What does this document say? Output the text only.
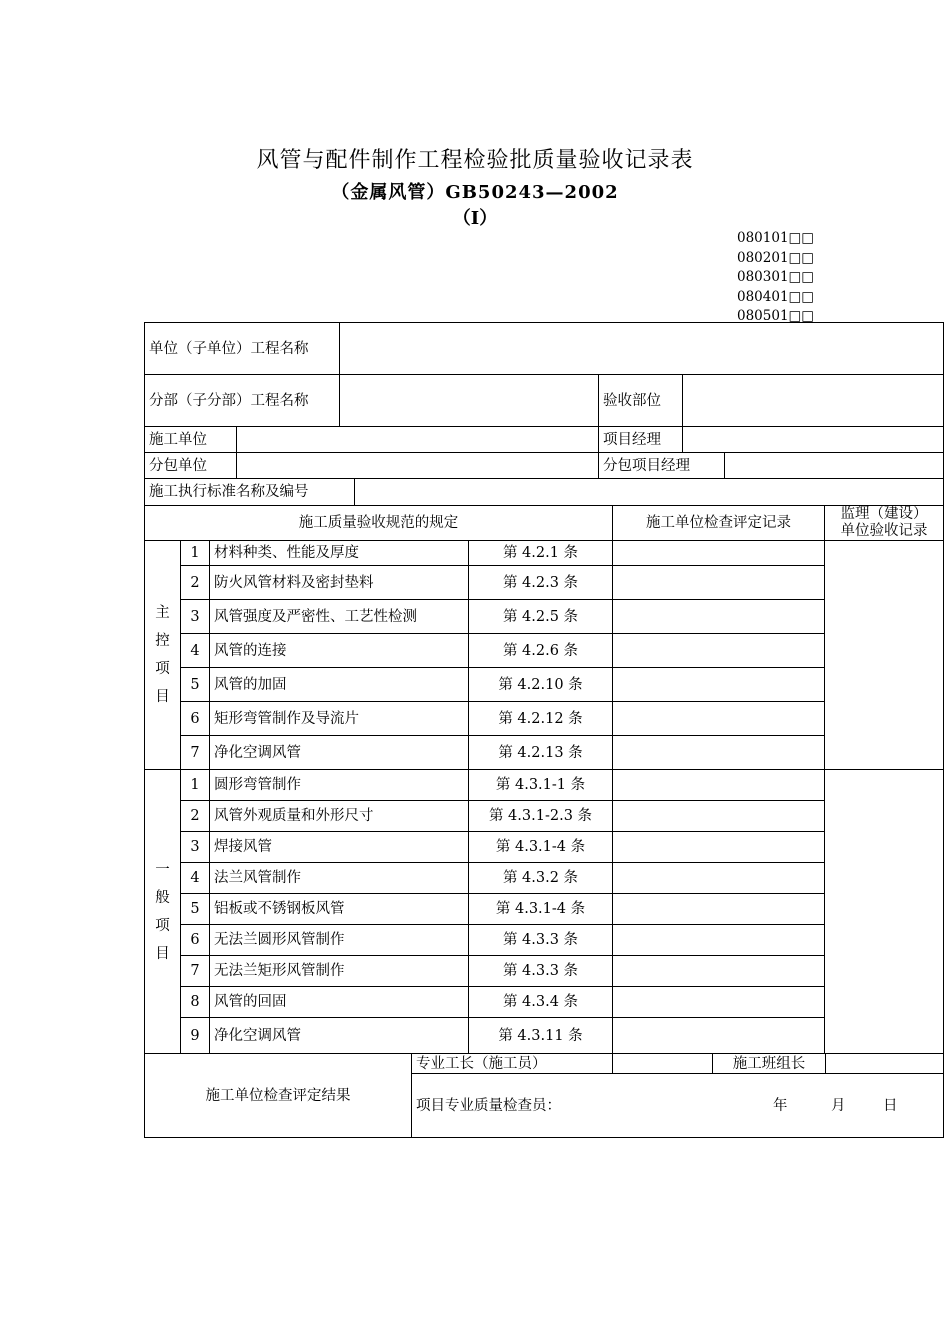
风管与配件制作工程检验批质量验收记录表
（金属风管）GB50243—2002
（Ⅰ）
080101□□
080201□□
080301□□
080401□□
080501□□
单位（子单位）工程名称					
分部（子分部）工程名称			验收部位		
施工单位			项目经理		
分包单位			分包项目经理		
施工执行标准名称及编号	
施工质量验收规范的规定				施工单位检查评定记录	监理（建设）
单位验收记录

主
控
项
目	1	材料种类、性能及厚度	第 4.2.1 条		
	2	防火风管材料及密封垫料	第 4.2.3 条		
	3	风管强度及严密性、工艺性检测	第 4.2.5 条		
	4	风管的连接	第 4.2.6 条		
	5	风管的加固	第 4.2.10 条		
	6	矩形弯管制作及导流片	第 4.2.12 条		
	7	净化空调风管	第 4.2.13 条		

一
般
项
目	1	圆形弯管制作	第 4.3.1-1 条		
	2	风管外观质量和外形尺寸	第 4.3.1-2.3 条		
	3	焊接风管	第 4.3.1-4 条		
	4	法兰风管制作	第 4.3.2 条		
	5	铝板或不锈钢板风管	第 4.3.1-4 条		
	6	无法兰圆形风管制作	第 4.3.3 条		
	7	无法兰矩形风管制作	第 4.3.3 条		
	8	风管的回固	第 4.3.4 条		
	9	净化空调风管	第 4.3.11 条		
施工单位检查评定结果	专业工长（施工员）		施工班组长	
项目专业质量检查员：	年	月	日
